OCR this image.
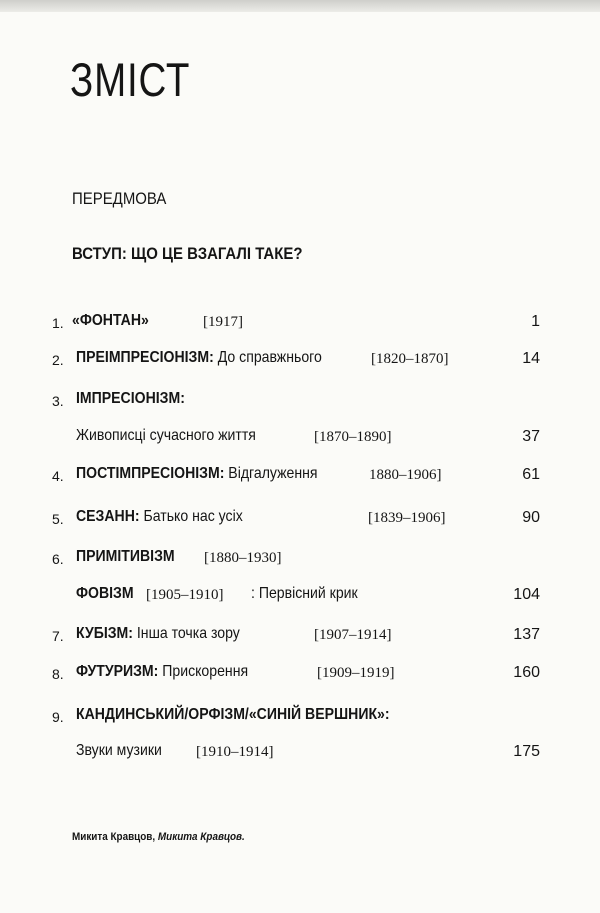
ЗМІСТ
ПЕРЕДМОВА
ВСТУП: ЩО ЦЕ ВЗАГАЛІ ТАКЕ?
1. «ФОНТАН»	[1917]	1
2. ПРЕІМПРЕСІОНІЗМ: До справжнього	[1820–1870]	14
3. ІМПРЕСІОНІЗМ:
Живописці сучасного життя	[1870–1890]	37
4. ПОСТІМПРЕСІОНІЗМ: Відгалуження	1880–1906]	61
5. СЕЗАНН: Батько нас усіх	[1839–1906]	90
6. ПРИМІТИВІЗМ [1880–1930]
ФОВІЗМ [1905–1910] : Первісний крик	104
7. КУБІЗМ: Інша точка зору	[1907–1914]	137
8. ФУТУРИЗМ: Прискорення	[1909–1919]	160
9. КАНДИНСЬКИЙ/ОРФІЗМ/«СИНІЙ ВЕРШНИК»:
Звуки музики [1910–1914]	175
Микита Кравцов, Микита Кравцов.
